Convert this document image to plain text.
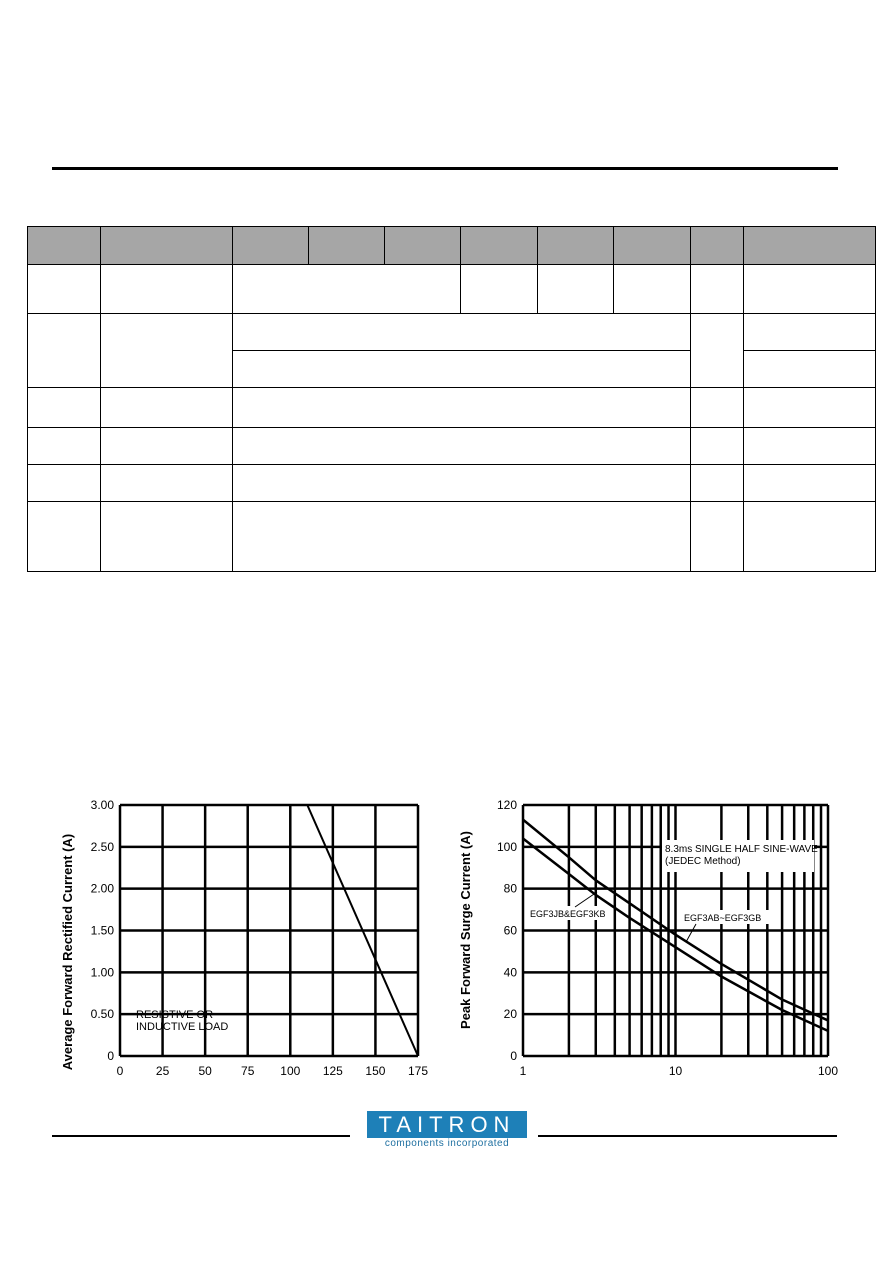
0
0.50
1.00
1.50
2.00
2.50
3.00
0	25 50 75 100 125 150 175
Average Forward Rectified Current (A)	RESISTIVE OR
INDUCTIVE LOAD
0
20
40
60
80
100
120
1	10	100
Peak Forward Surge Current (A)	8.3ms SINGLE HALF SINE-WAVE
(JEDEC Method)
EGF3JB&EGF3KB	EGF3AB~EGF3GB
TAITRON
components incorporated
